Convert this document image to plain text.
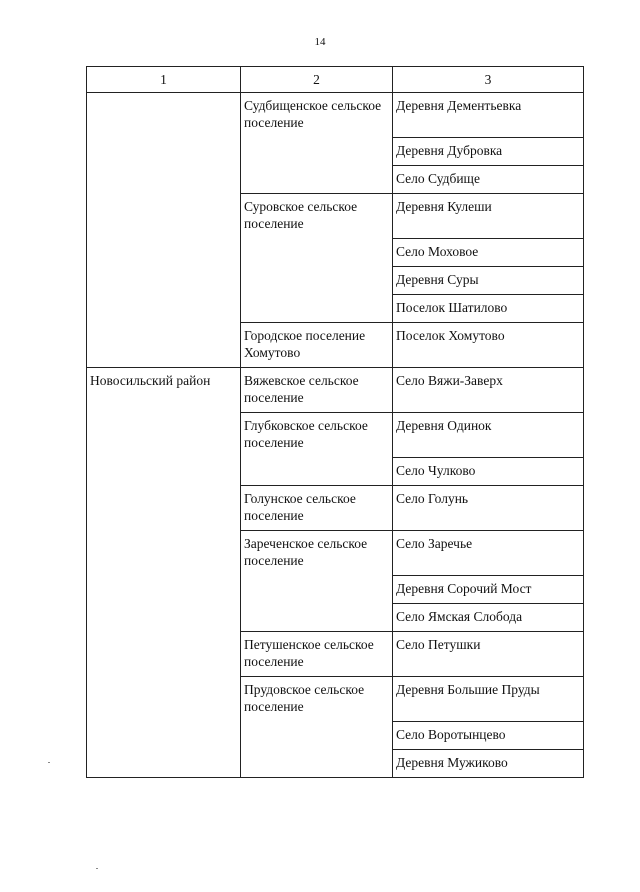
14
1	2	3
	Судбищенское сельское поселение	Деревня Дементьевка
		Деревня Дубровка
		Село Судбище
	Суровское сельское поселение	Деревня Кулеши
		Село Моховое
		Деревня Суры
		Поселок Шатилово
	Городское поселение Хомутово	Поселок Хомутово
Новосильский район	Вяжевское сельское поселение	Село Вяжи-Заверх
	Глубковское сельское поселение	Деревня Одинок
		Село Чулково
	Голунское сельское поселение	Село Голунь
	Зареченское сельское поселение	Село Заречье
		Деревня Сорочий Мост
		Село Ямская Слобода
	Петушенское сельское поселение	Село Петушки
	Прудовское сельское поселение	Деревня Большие Пруды
		Село Воротынцево
		Деревня Мужиково
